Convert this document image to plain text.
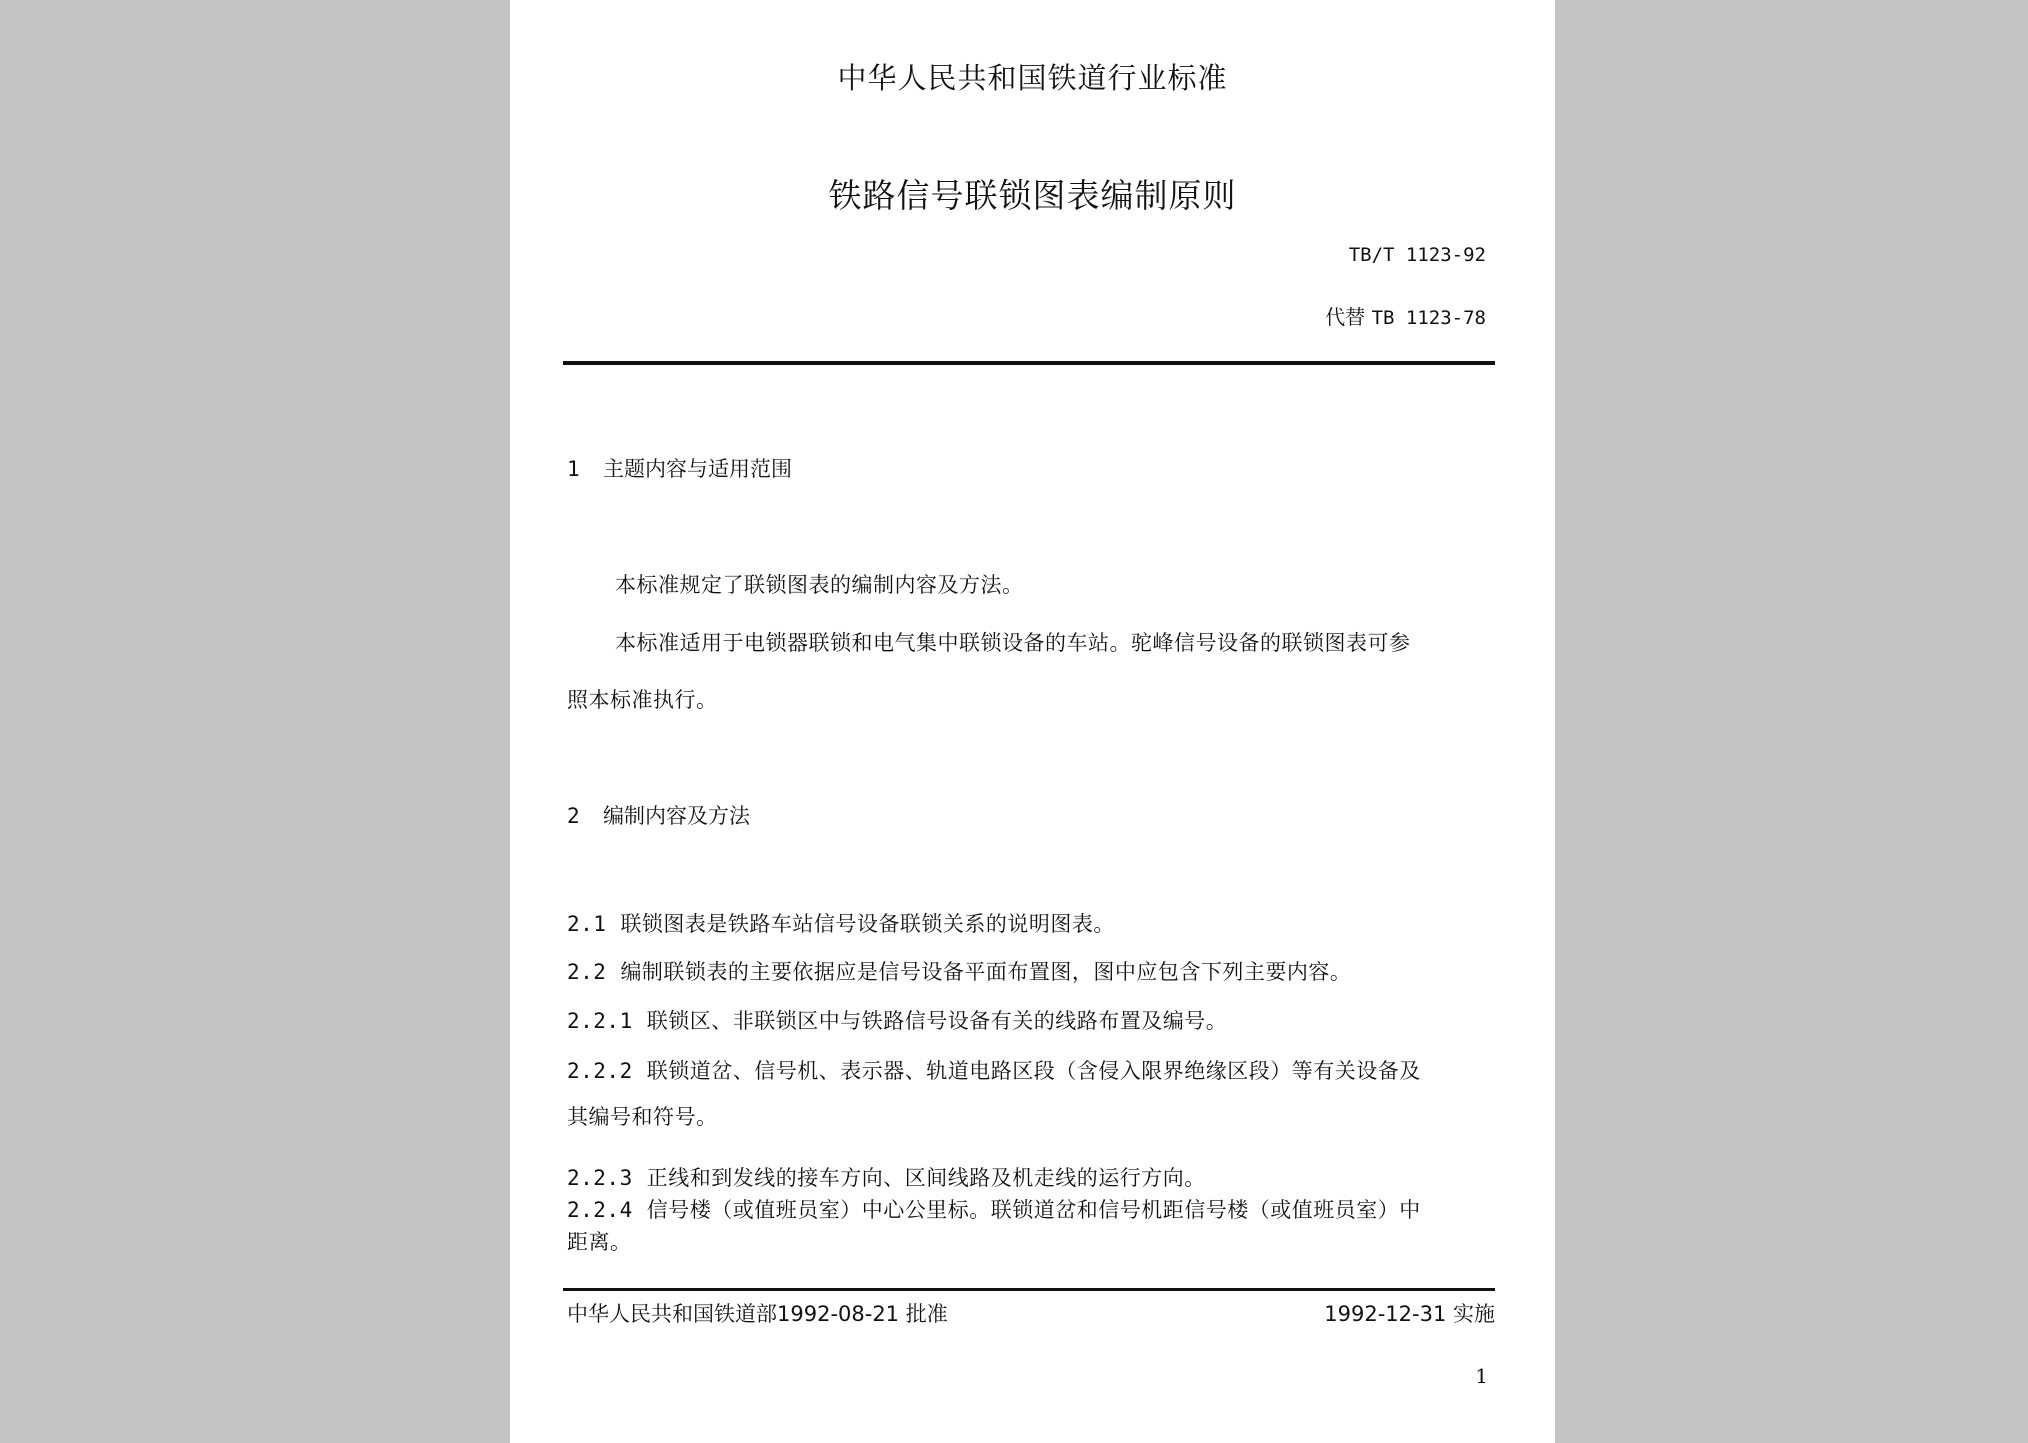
中华人民共和国铁道行业标准
铁路信号联锁图表编制原则
TB/T 1123-92
代替 TB 1123-78
1 主题内容与适用范围
本标准规定了联锁图表的编制内容及方法。
本标准适用于电锁器联锁和电气集中联锁设备的车站。驼峰信号设备的联锁图表可参
照本标准执行。
2 编制内容及方法
2.1 联锁图表是铁路车站信号设备联锁关系的说明图表。
2.2 编制联锁表的主要依据应是信号设备平面布置图，图中应包含下列主要内容。
2.2.1 联锁区、非联锁区中与铁路信号设备有关的线路布置及编号。
2.2.2 联锁道岔、信号机、表示器、轨道电路区段（含侵入限界绝缘区段）等有关设备及
其编号和符号。
2.2.3 正线和到发线的接车方向、区间线路及机走线的运行方向。
2.2.4 信号楼（或值班员室）中心公里标。联锁道岔和信号机距信号楼（或值班员室）中
距离。
中华人民共和国铁道部1992-08-21 批准	1992-12-31 实施
1
